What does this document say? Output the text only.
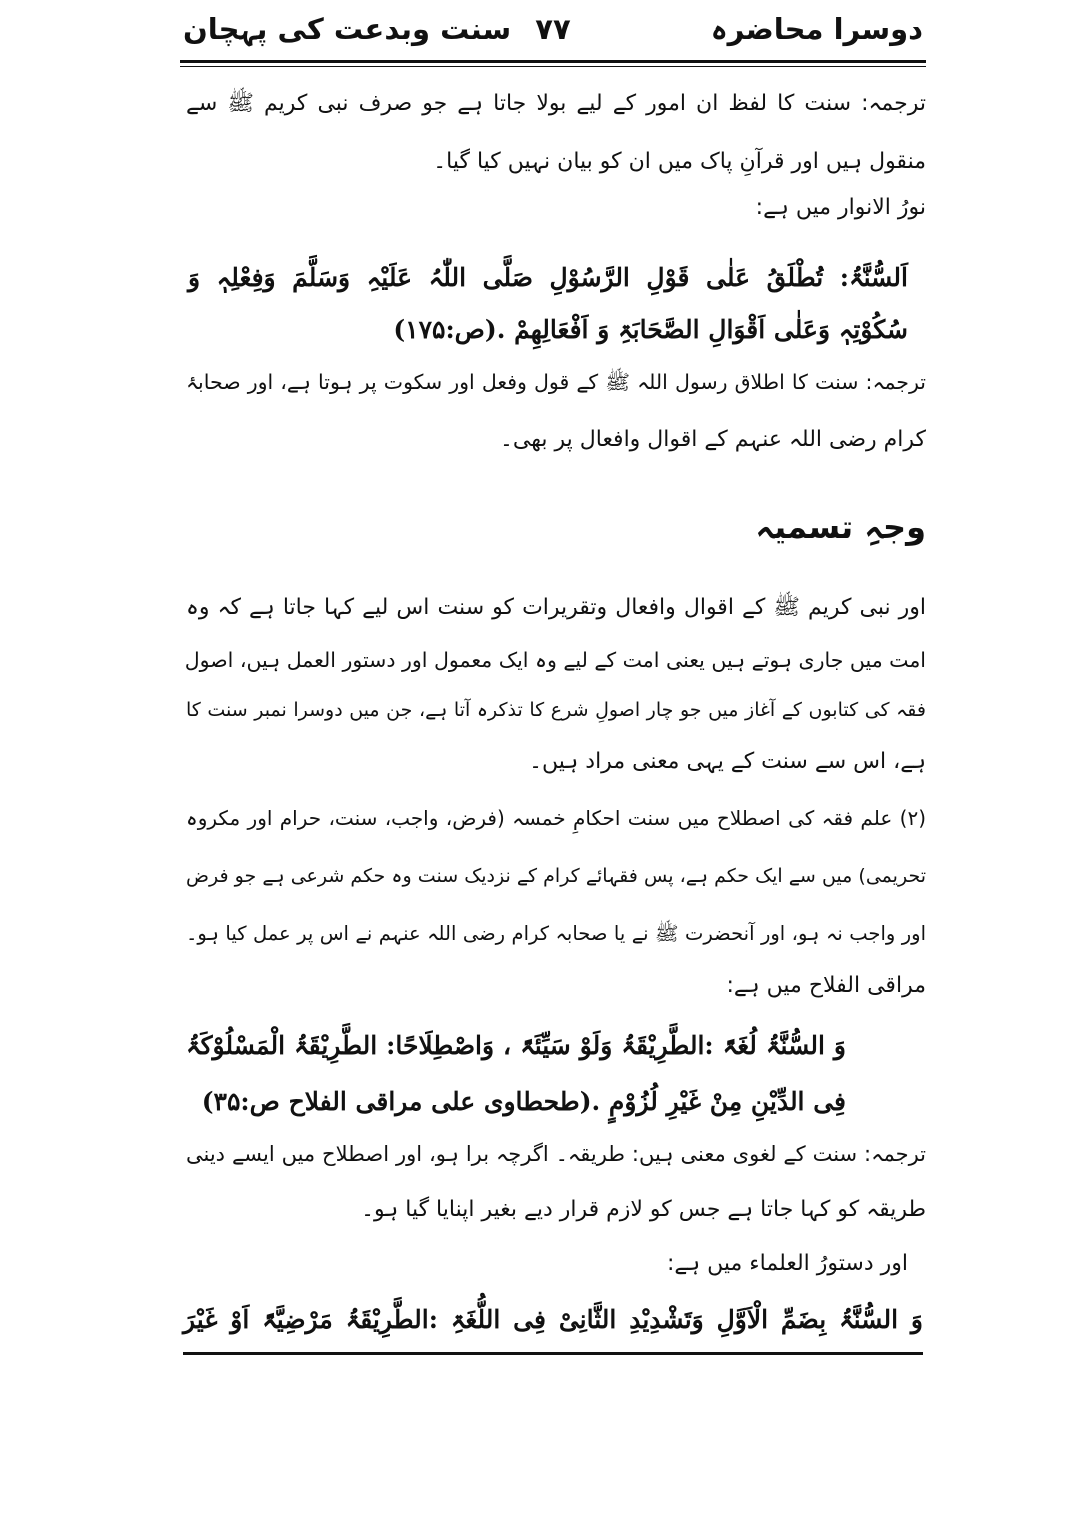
دوسرا محاضرہ
۷۷
سنت وبدعت کی پہچان
ترجمہ: سنت کا لفظ ان امور کے لیے بولا جاتا ہے جو صرف نبی کریم ﷺ سے
منقول ہیں اور قرآنِ پاک میں ان کو بیان نہیں کیا گیا۔
نورُ الانوار میں ہے:
اَلسُّنَّۃُ: تُطْلَقُ عَلٰی قَوْلِ الرَّسُوْلِ صَلَّی اللّٰہُ عَلَیْہِ وَسَلَّمَ وَفِعْلِہٖ وَ
سُکُوْتِہٖ وَعَلٰی اَقْوَالِ الصَّحَابَۃِ وَ اَفْعَالِھِمْ .(ص:۱۷۵)
ترجمہ: سنت کا اطلاق رسول اللہ ﷺ کے قول وفعل اور سکوت پر ہوتا ہے، اور صحابۂ
کرام رضی اللہ عنہم کے اقوال وافعال پر بھی۔
وجہِ تسمیہ
اور نبی کریم ﷺ کے اقوال وافعال وتقریرات کو سنت اس لیے کہا جاتا ہے کہ وہ
امت میں جاری ہوتے ہیں یعنی امت کے لیے وہ ایک معمول اور دستور العمل ہیں، اصول
فقہ کی کتابوں کے آغاز میں جو چار اصولِ شرع کا تذکرہ آتا ہے، جن میں دوسرا نمبر سنت کا
ہے، اس سے سنت کے یہی معنی مراد ہیں۔
(۲) علم فقہ کی اصطلاح میں سنت احکامِ خمسہ (فرض، واجب، سنت، حرام اور مکروہ
تحریمی) میں سے ایک حکم ہے، پس فقہائے کرام کے نزدیک سنت وہ حکم شرعی ہے جو فرض
اور واجب نہ ہو، اور آنحضرت ﷺ نے یا صحابہ کرام رضی اللہ عنہم نے اس پر عمل کیا ہو۔
مراقی الفلاح میں ہے:
وَ السُّنَّۃُ لُغَۃً :الطَّرِیْقَۃُ وَلَوْ سَیِّئَۃً ، وَاصْطِلَاحًا: الطَّرِیْقَۃُ الْمَسْلُوْکَۃُ
فِی الدِّیْنِ مِنْ غَیْرِ لُزُوْمٍ .(طحطاوی علی مراقی الفلاح ص:۳۵)
ترجمہ: سنت کے لغوی معنی ہیں: طریقہ۔ اگرچہ برا ہو، اور اصطلاح میں ایسے دینی
طریقہ کو کہا جاتا ہے جس کو لازم قرار دیے بغیر اپنایا گیا ہو۔
اور دستورُ العلماء میں ہے:
وَ السُّنَّۃُ بِضَمِّ الْاَوَّلِ وَتَشْدِیْدِ الثَّانِیْ فِی اللُّغَۃِ :الطَّرِیْقَۃُ مَرْضِیَّۃً اَوْ غَیْرَ
